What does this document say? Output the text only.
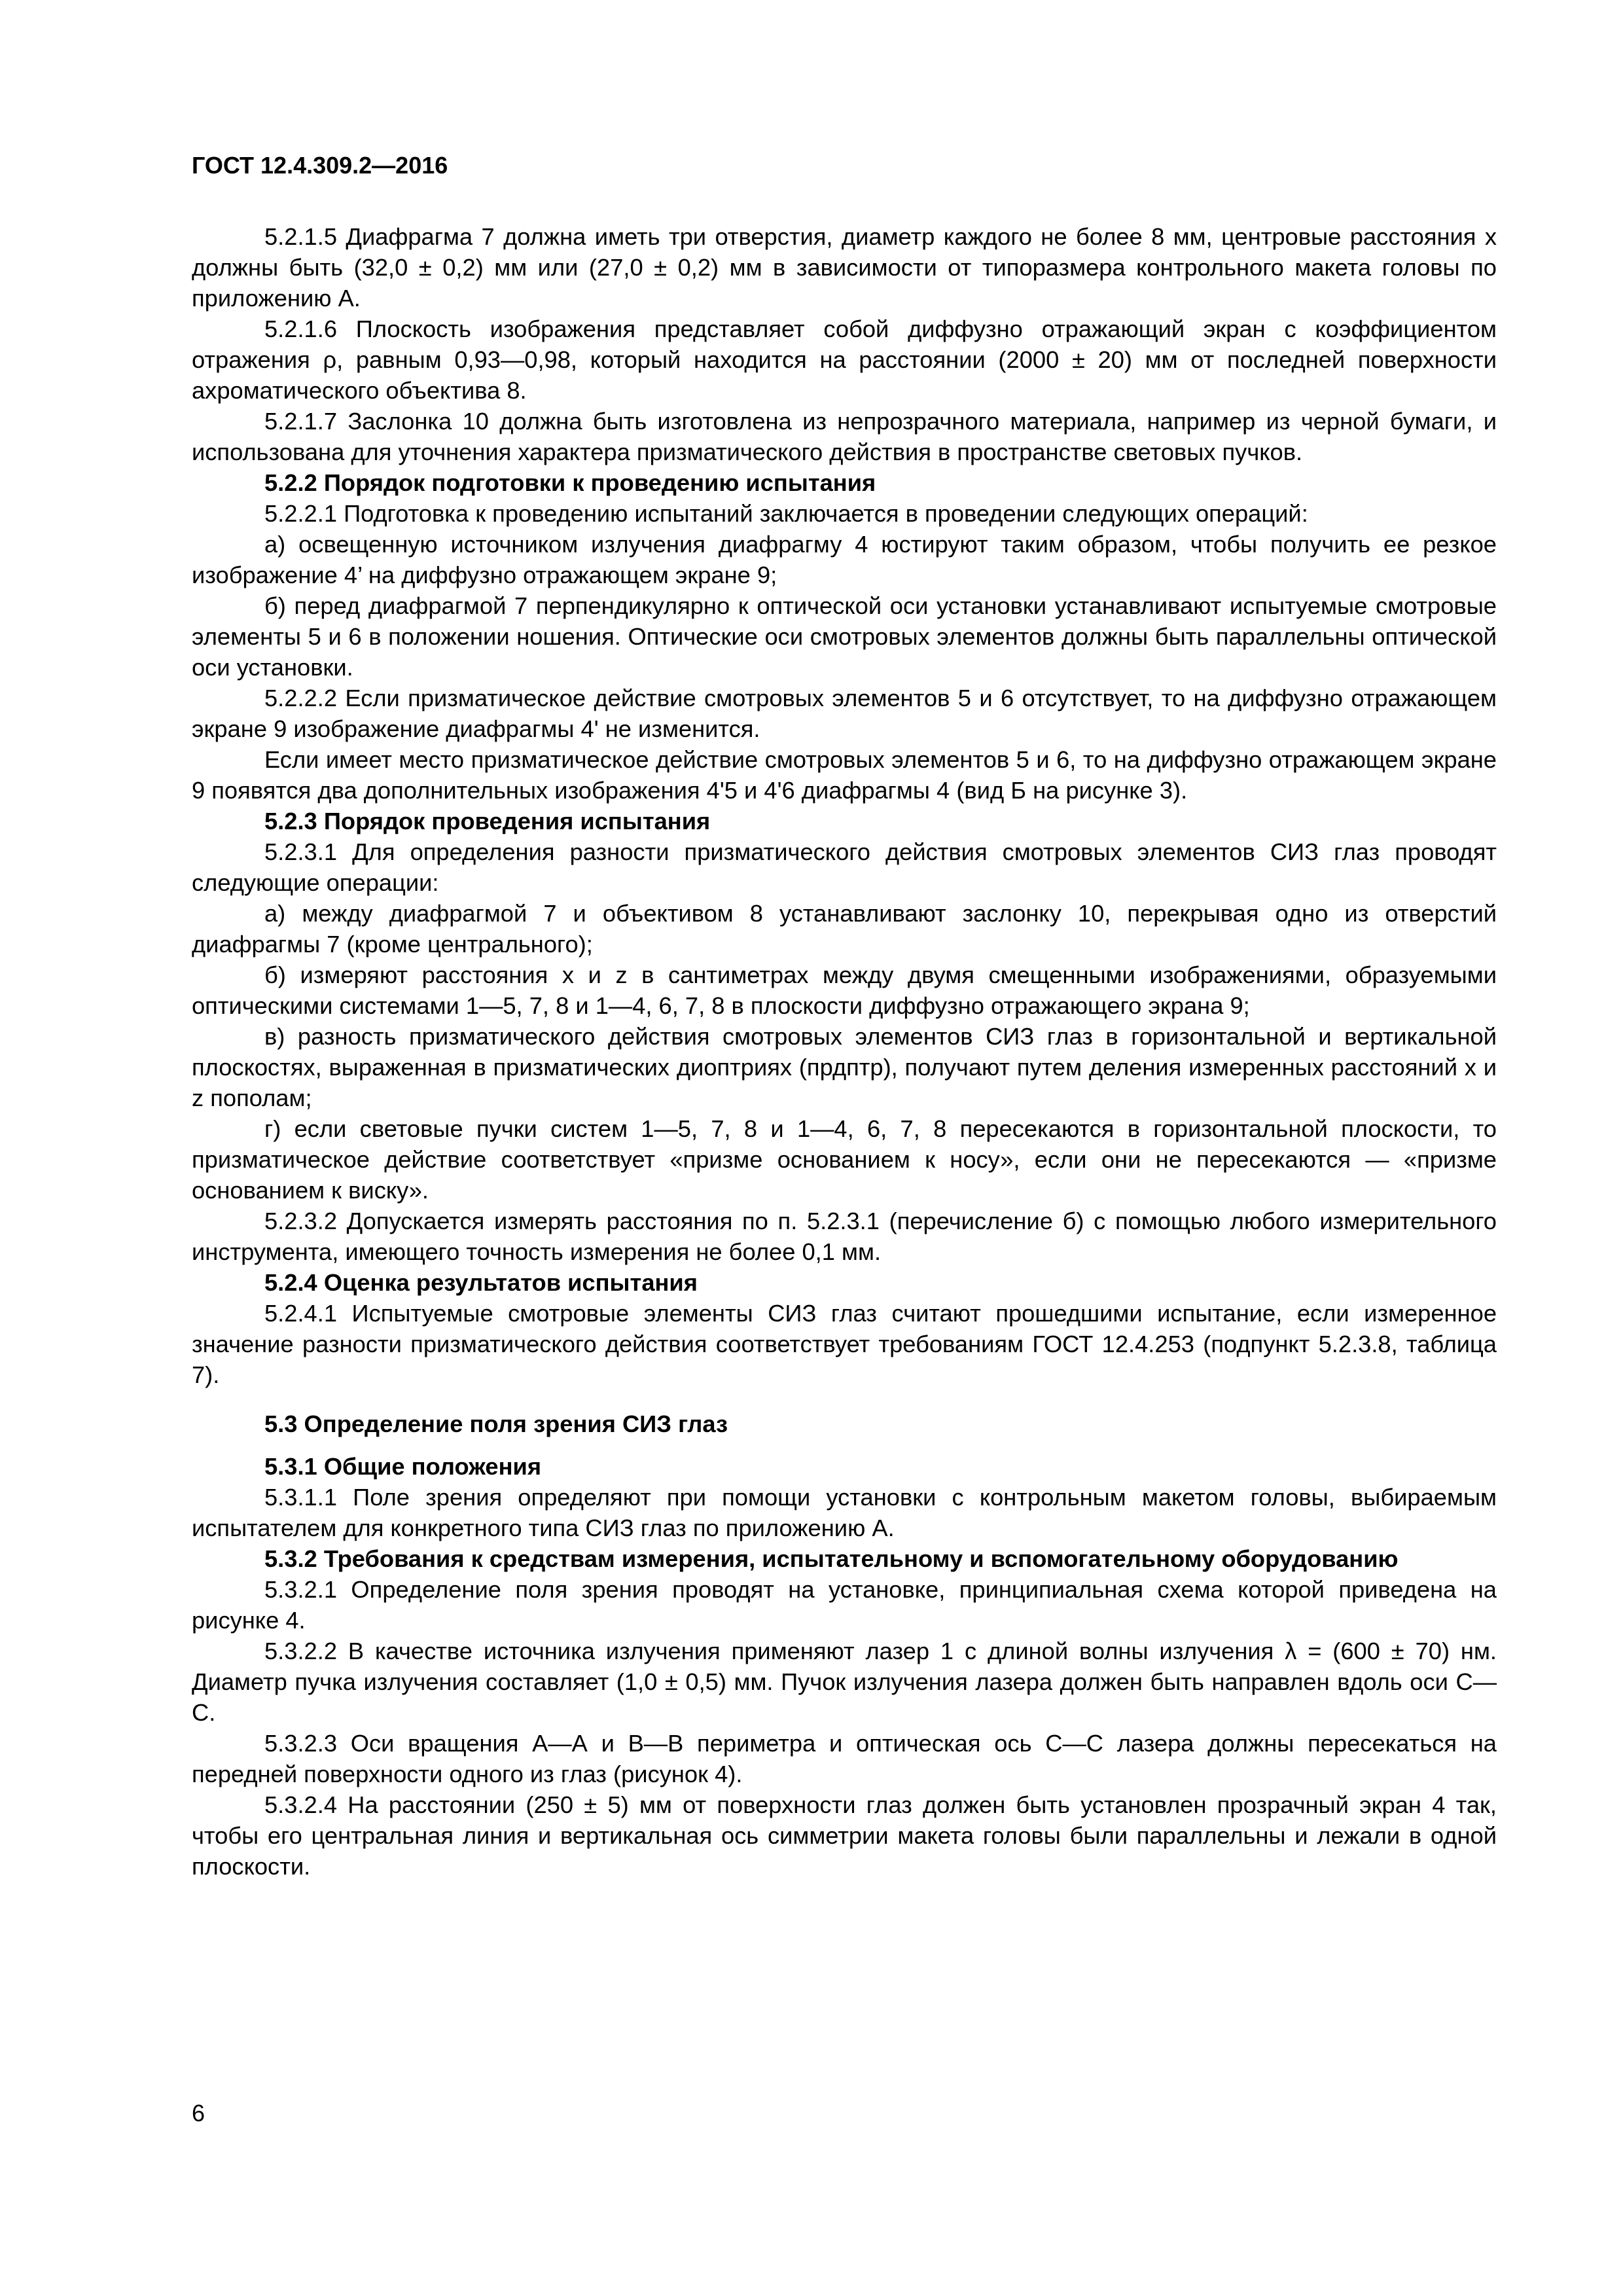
ГОСТ 12.4.309.2—2016

5.2.1.5 Диафрагма 7 должна иметь три отверстия, диаметр каждого не более 8 мм, центровые расстояния x должны быть (32,0 ± 0,2) мм или (27,0 ± 0,2) мм в зависимости от типоразмера контрольного макета головы по приложению А.

5.2.1.6 Плоскость изображения представляет собой диффузно отражающий экран с коэффициентом отражения ρ, равным 0,93—0,98, который находится на расстоянии (2000 ± 20) мм от последней поверхности ахроматического объектива 8.

5.2.1.7 Заслонка 10 должна быть изготовлена из непрозрачного материала, например из черной бумаги, и использована для уточнения характера призматического действия в пространстве световых пучков.

5.2.2 Порядок подготовки к проведению испытания

5.2.2.1 Подготовка к проведению испытаний заключается в проведении следующих операций:

а) освещенную источником излучения диафрагму 4 юстируют таким образом, чтобы получить ее резкое изображение 4’ на диффузно отражающем экране 9;

б) перед диафрагмой 7 перпендикулярно к оптической оси установки устанавливают испытуемые смотровые элементы 5 и 6 в положении ношения. Оптические оси смотровых элементов должны быть параллельны оптической оси установки.

5.2.2.2 Если призматическое действие смотровых элементов 5 и 6 отсутствует, то на диффузно отражающем экране 9 изображение диафрагмы 4' не изменится.

Если имеет место призматическое действие смотровых элементов 5 и 6, то на диффузно отражающем экране 9 появятся два дополнительных изображения 4'5 и 4'6 диафрагмы 4 (вид Б на рисунке 3).

5.2.3 Порядок проведения испытания

5.2.3.1 Для определения разности призматического действия смотровых элементов СИЗ глаз проводят следующие операции:

а) между диафрагмой 7 и объективом 8 устанавливают заслонку 10, перекрывая одно из отверстий диафрагмы 7 (кроме центрального);

б) измеряют расстояния x и z в сантиметрах между двумя смещенными изображениями, образуемыми оптическими системами 1—5, 7, 8 и 1—4, 6, 7, 8 в плоскости диффузно отражающего экрана 9;

в) разность призматического действия смотровых элементов СИЗ глаз в горизонтальной и вертикальной плоскостях, выраженная в призматических диоптриях (прдптр), получают путем деления измеренных расстояний x и z пополам;

г) если световые пучки систем 1—5, 7, 8 и 1—4, 6, 7, 8 пересекаются в горизонтальной плоскости, то призматическое действие соответствует «призме основанием к носу», если они не пересекаются — «призме основанием к виску».

5.2.3.2 Допускается измерять расстояния по п. 5.2.3.1 (перечисление б) с помощью любого измерительного инструмента, имеющего точность измерения не более 0,1 мм.

5.2.4 Оценка результатов испытания

5.2.4.1 Испытуемые смотровые элементы СИЗ глаз считают прошедшими испытание, если измеренное значение разности призматического действия соответствует требованиям ГОСТ 12.4.253 (подпункт 5.2.3.8, таблица 7).

5.3 Определение поля зрения СИЗ глаз

5.3.1 Общие положения

5.3.1.1 Поле зрения определяют при помощи установки с контрольным макетом головы, выбираемым испытателем для конкретного типа СИЗ глаз по приложению А.

5.3.2 Требования к средствам измерения, испытательному и вспомогательному оборудованию

5.3.2.1 Определение поля зрения проводят на установке, принципиальная схема которой приведена на рисунке 4.

5.3.2.2 В качестве источника излучения применяют лазер 1 с длиной волны излучения λ = (600 ± 70) нм. Диаметр пучка излучения составляет (1,0 ± 0,5) мм. Пучок излучения лазера должен быть направлен вдоль оси С—С.

5.3.2.3 Оси вращения А—А и В—В периметра и оптическая ось С—С лазера должны пересекаться на передней поверхности одного из глаз (рисунок 4).

5.3.2.4 На расстоянии (250 ± 5) мм от поверхности глаз должен быть установлен прозрачный экран 4 так, чтобы его центральная линия и вертикальная ось симметрии макета головы были параллельны и лежали в одной плоскости.

6
